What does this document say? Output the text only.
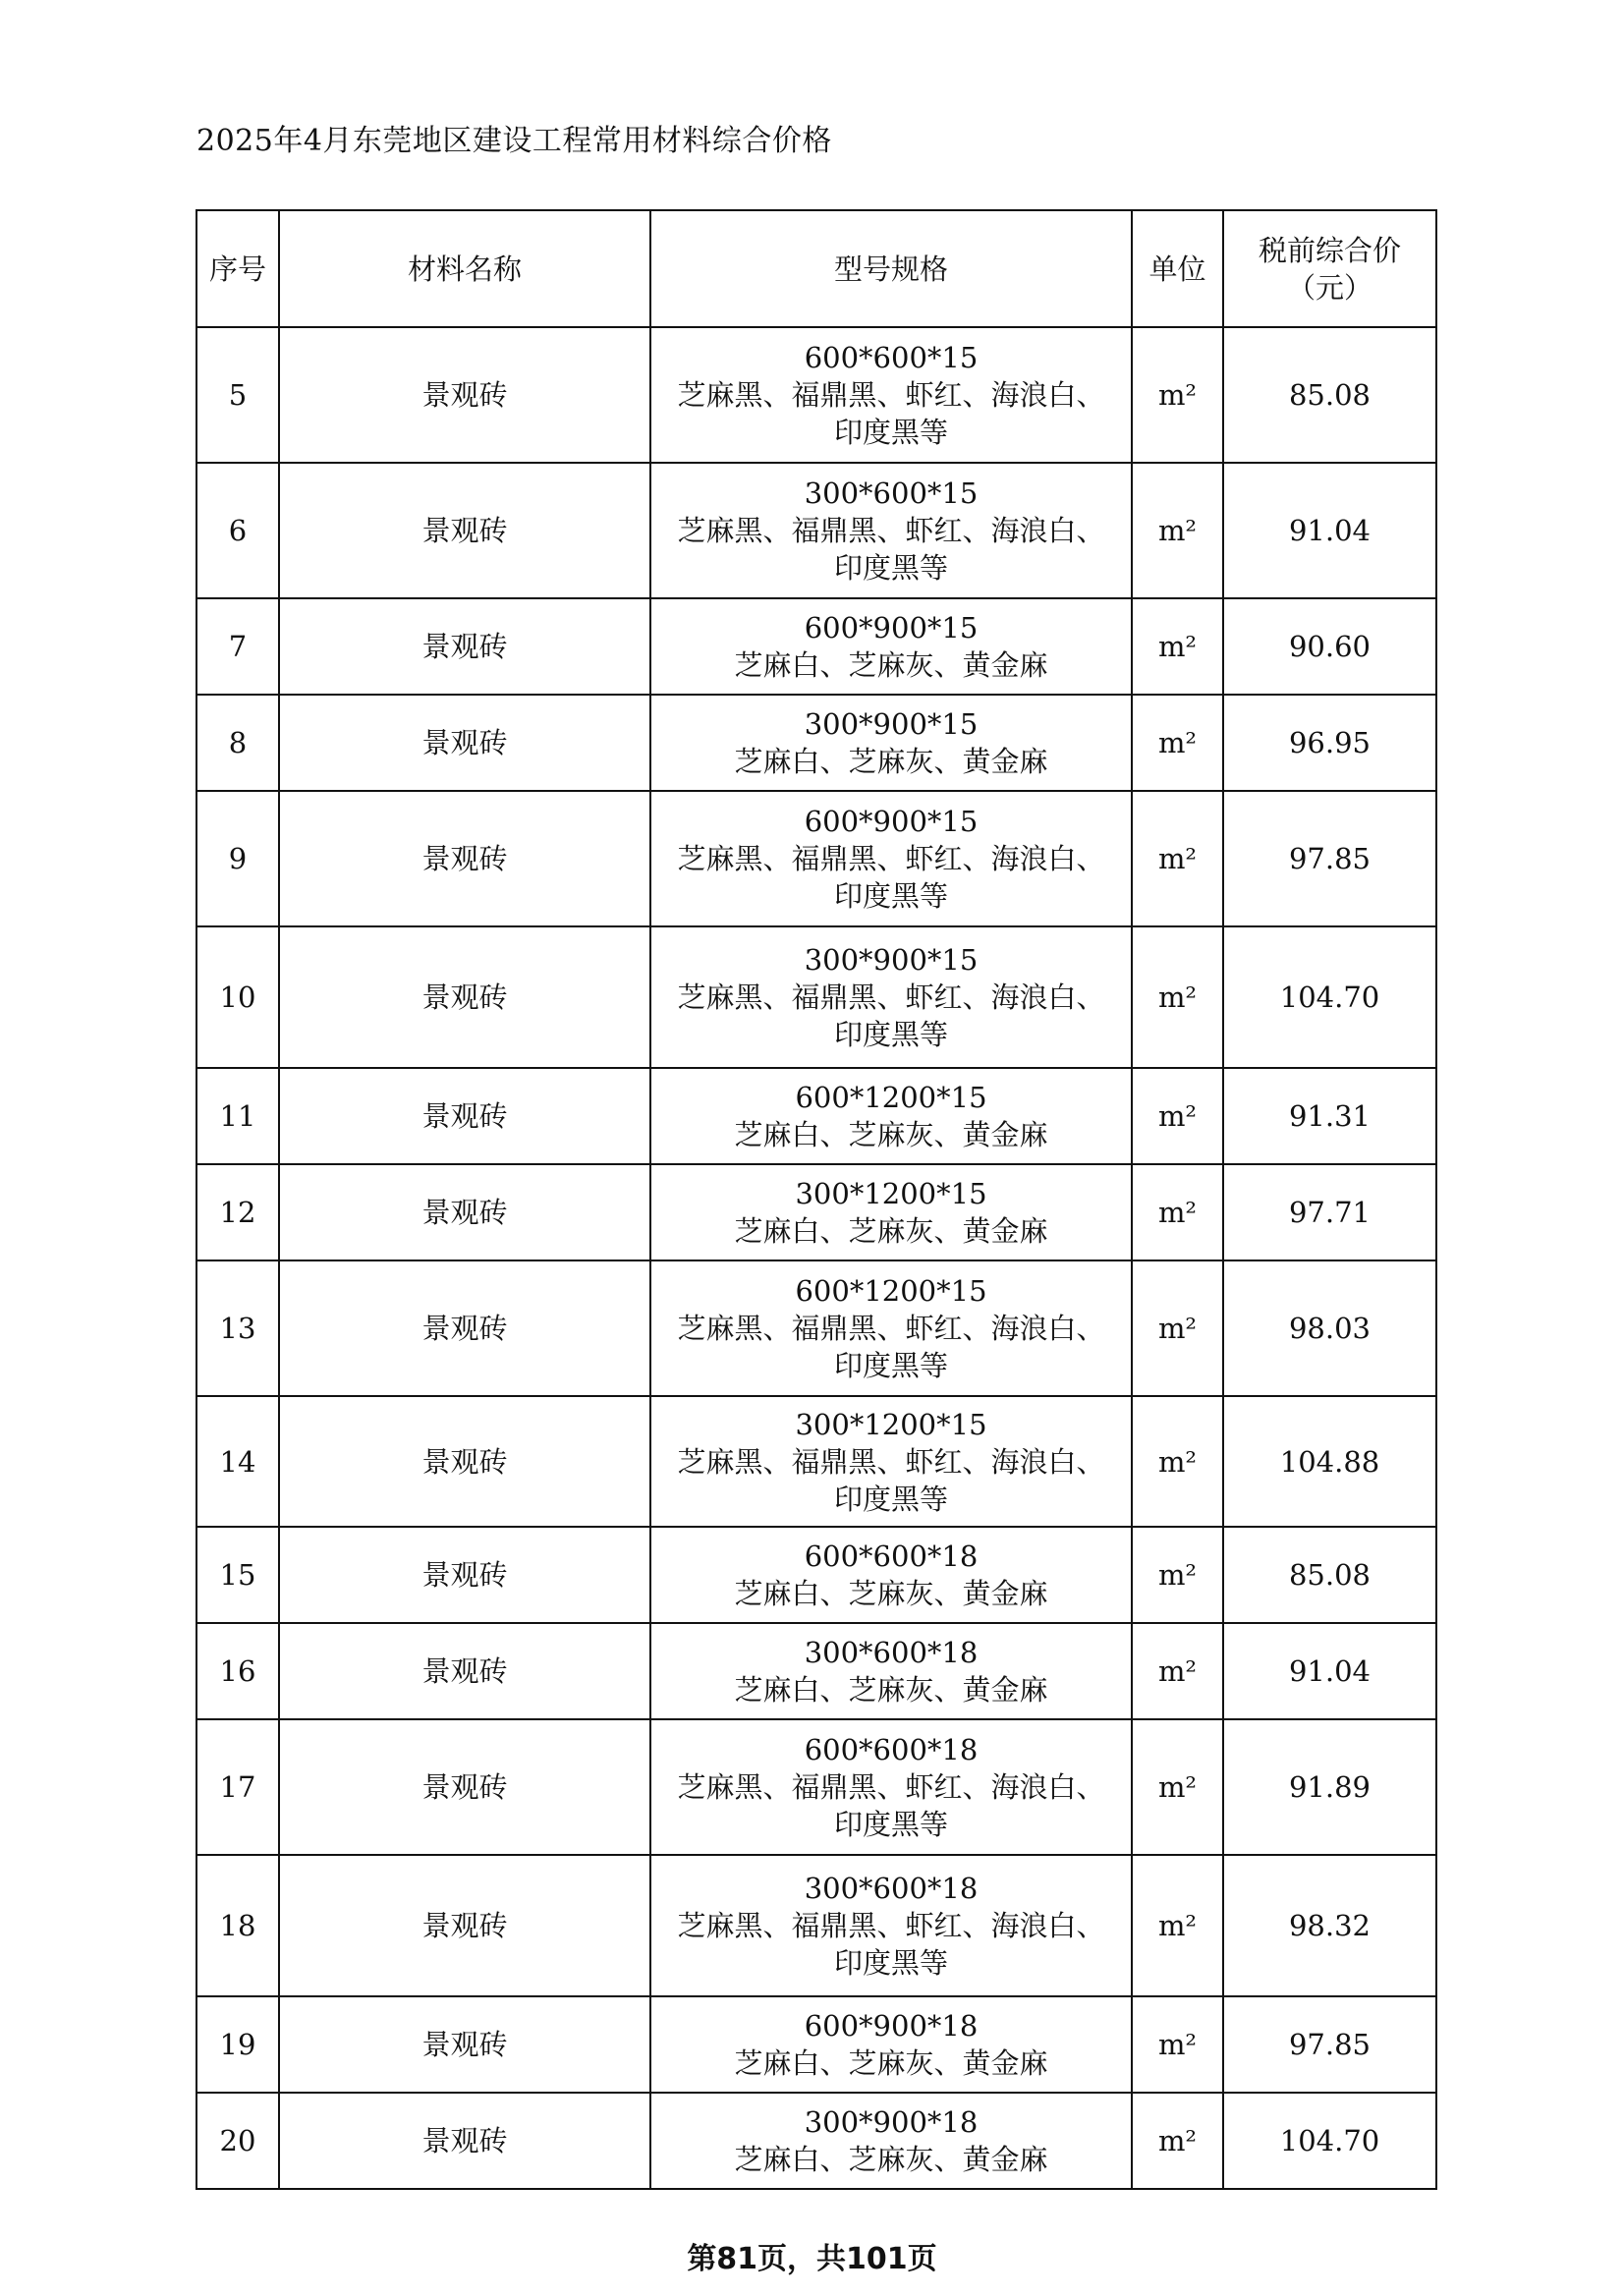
2025年4月东莞地区建设工程常用材料综合价格
序号	材料名称	型号规格	单位	税前综合价
（元）

5	景观砖	600*600*15
芝麻黑、福鼎黑、虾红、海浪白、
印度黑等	m²	85.08
6	景观砖	300*600*15
芝麻黑、福鼎黑、虾红、海浪白、
印度黑等	m²	91.04
7	景观砖	600*900*15
芝麻白、芝麻灰、黄金麻	m²	90.60
8	景观砖	300*900*15
芝麻白、芝麻灰、黄金麻	m²	96.95
9	景观砖	600*900*15
芝麻黑、福鼎黑、虾红、海浪白、
印度黑等	m²	97.85
10	景观砖	300*900*15
芝麻黑、福鼎黑、虾红、海浪白、
印度黑等	m²	104.70
11	景观砖	600*1200*15
芝麻白、芝麻灰、黄金麻	m²	91.31
12	景观砖	300*1200*15
芝麻白、芝麻灰、黄金麻	m²	97.71
13	景观砖	600*1200*15
芝麻黑、福鼎黑、虾红、海浪白、
印度黑等	m²	98.03
14	景观砖	300*1200*15
芝麻黑、福鼎黑、虾红、海浪白、
印度黑等	m²	104.88
15	景观砖	600*600*18
芝麻白、芝麻灰、黄金麻	m²	85.08
16	景观砖	300*600*18
芝麻白、芝麻灰、黄金麻	m²	91.04
17	景观砖	600*600*18
芝麻黑、福鼎黑、虾红、海浪白、
印度黑等	m²	91.89
18	景观砖	300*600*18
芝麻黑、福鼎黑、虾红、海浪白、
印度黑等	m²	98.32
19	景观砖	600*900*18
芝麻白、芝麻灰、黄金麻	m²	97.85
20	景观砖	300*900*18
芝麻白、芝麻灰、黄金麻	m²	104.70
第81页，共101页
